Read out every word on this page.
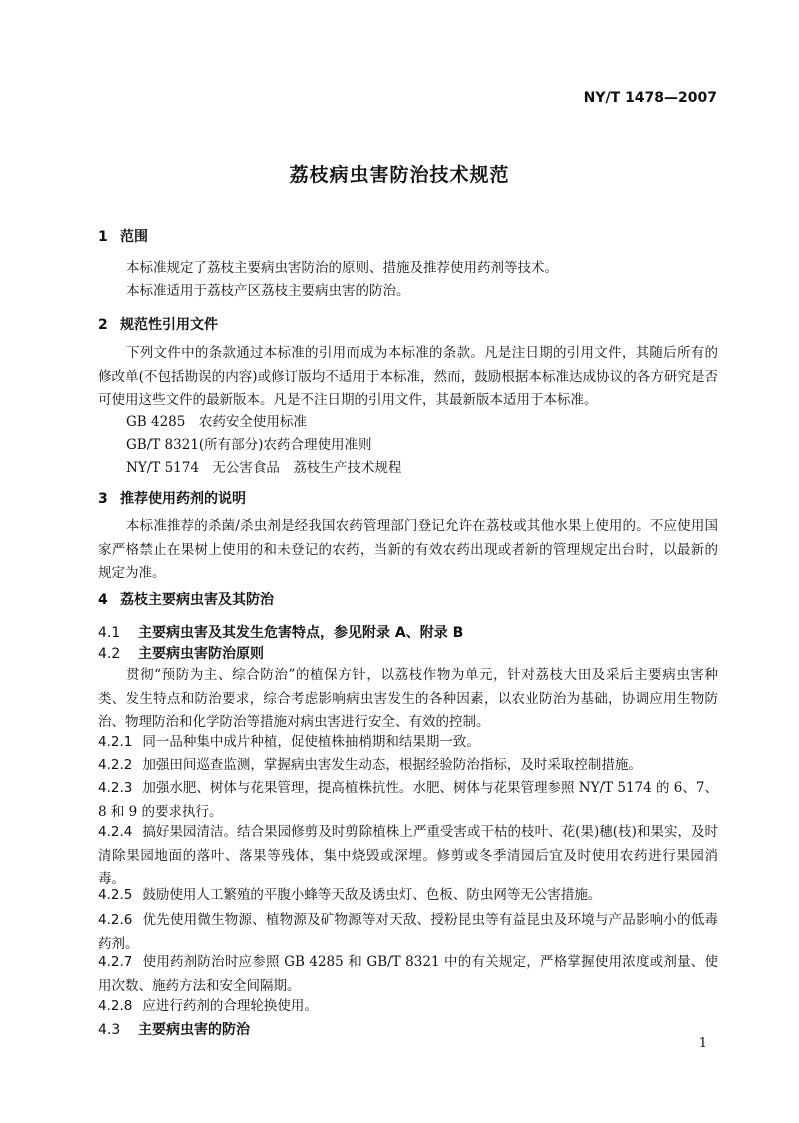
NY/T 1478—2007
荔枝病虫害防治技术规范
1 范围
本标准规定了荔枝主要病虫害防治的原则、措施及推荐使用药剂等技术。
本标准适用于荔枝产区荔枝主要病虫害的防治。
2 规范性引用文件
下列文件中的条款通过本标准的引用而成为本标准的条款。凡是注日期的引用文件，其随后所有的修改单(不包括勘误的内容)或修订版均不适用于本标准，然而，鼓励根据本标准达成协议的各方研究是否可使用这些文件的最新版本。凡是不注日期的引用文件，其最新版本适用于本标准。
GB 4285　农药安全使用标准
GB/T 8321(所有部分)农药合理使用准则
NY/T 5174　无公害食品　荔枝生产技术规程
3 推荐使用药剂的说明
本标准推荐的杀菌/杀虫剂是经我国农药管理部门登记允许在荔枝或其他水果上使用的。不应使用国家严格禁止在果树上使用的和未登记的农药，当新的有效农药出现或者新的管理规定出台时，以最新的规定为准。
4 荔枝主要病虫害及其防治
4.1 主要病虫害及其发生危害特点，参见附录 A、附录 B
4.2 主要病虫害防治原则
贯彻“预防为主、综合防治”的植保方针，以荔枝作物为单元，针对荔枝大田及采后主要病虫害种类、发生特点和防治要求，综合考虑影响病虫害发生的各种因素，以农业防治为基础，协调应用生物防治、物理防治和化学防治等措施对病虫害进行安全、有效的控制。
4.2.1 同一品种集中成片种植，促使植株抽梢期和结果期一致。
4.2.2 加强田间巡查监测，掌握病虫害发生动态，根据经验防治指标，及时采取控制措施。
4.2.3 加强水肥、树体与花果管理，提高植株抗性。水肥、树体与花果管理参照 NY/T 5174 的 6、7、8 和 9 的要求执行。
4.2.4 搞好果园清洁。结合果园修剪及时剪除植株上严重受害或干枯的枝叶、花(果)穗(枝)和果实，及时清除果园地面的落叶、落果等残体，集中烧毁或深埋。修剪或冬季清园后宜及时使用农药进行果园消毒。
4.2.5 鼓励使用人工繁殖的平腹小蜂等天敌及诱虫灯、色板、防虫网等无公害措施。
4.2.6 优先使用微生物源、植物源及矿物源等对天敌、授粉昆虫等有益昆虫及环境与产品影响小的低毒药剂。
4.2.7 使用药剂防治时应参照 GB 4285 和 GB/T 8321 中的有关规定，严格掌握使用浓度或剂量、使用次数、施药方法和安全间隔期。
4.2.8 应进行药剂的合理轮换使用。
4.3 主要病虫害的防治
1
